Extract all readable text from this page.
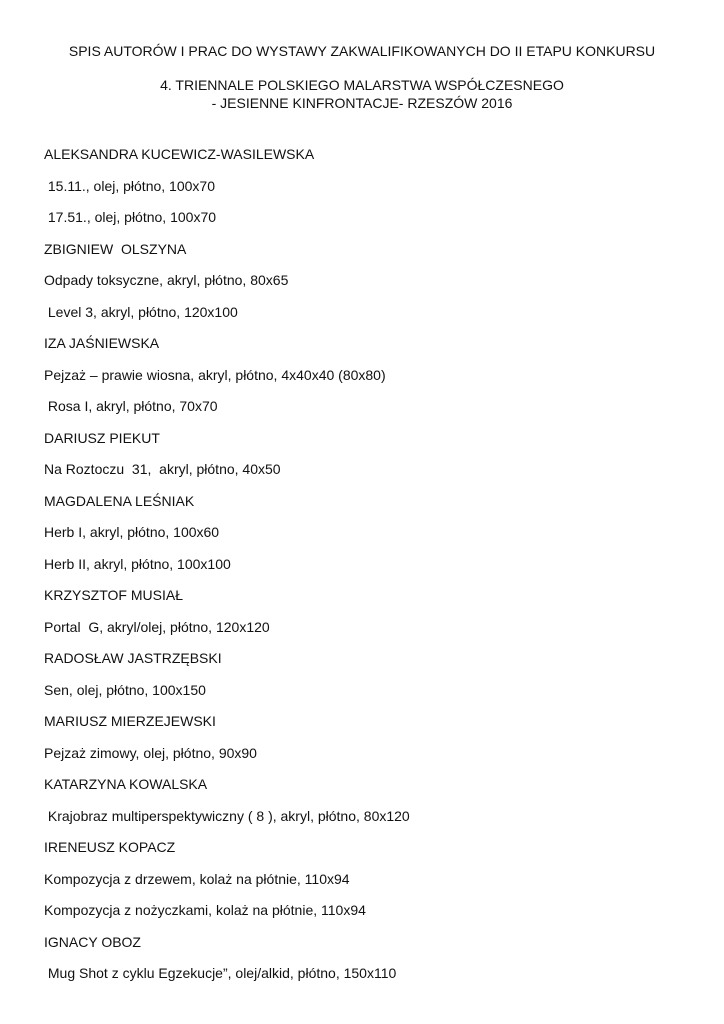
SPIS AUTORÓW I PRAC DO WYSTAWY ZAKWALIFIKOWANYCH DO II ETAPU KONKURSU
4. TRIENNALE POLSKIEGO MALARSTWA WSPÓŁCZESNEGO
- JESIENNE KINFRONTACJE- RZESZÓW 2016
ALEKSANDRA KUCEWICZ-WASILEWSKA
15.11., olej, płótno, 100x70
17.51., olej, płótno, 100x70
ZBIGNIEW  OLSZYNA
Odpady toksyczne, akryl, płótno, 80x65
Level 3, akryl, płótno, 120x100
IZA JAŚNIEWSKA
Pejzaż – prawie wiosna, akryl, płótno, 4x40x40 (80x80)
Rosa I, akryl, płótno, 70x70
DARIUSZ PIEKUT
Na Roztoczu  31,  akryl, płótno, 40x50
MAGDALENA LEŚNIAK
Herb I, akryl, płótno, 100x60
Herb II, akryl, płótno, 100x100
KRZYSZTOF MUSIAŁ
Portal  G, akryl/olej, płótno, 120x120
RADOSŁAW JASTRZĘBSKI
Sen, olej, płótno, 100x150
MARIUSZ MIERZEJEWSKI
Pejzaż zimowy, olej, płótno, 90x90
KATARZYNA KOWALSKA
Krajobraz multiperspektywiczny ( 8 ), akryl, płótno, 80x120
IRENEUSZ KOPACZ
Kompozycja z drzewem, kolaż na płótnie, 110x94
Kompozycja z nożyczkami, kolaż na płótnie, 110x94
IGNACY OBOZ
Mug Shot z cyklu Egzekucje”, olej/alkid, płótno, 150x110
